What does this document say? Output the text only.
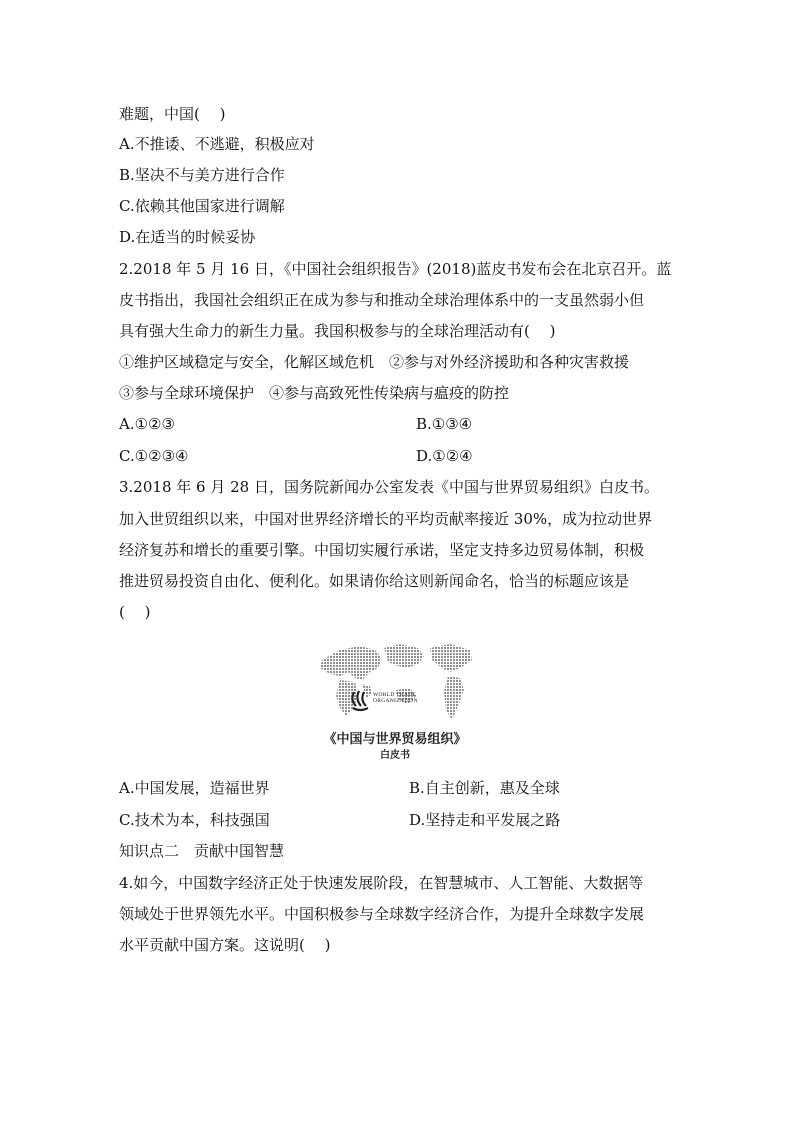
难题，中国(　 )
A.不推诿、不逃避，积极应对
B.坚决不与美方进行合作
C.依赖其他国家进行调解
D.在适当的时候妥协
2.2018 年 5 月 16 日，《中国社会组织报告》(2018)蓝皮书发布会在北京召开。蓝
皮书指出，我国社会组织正在成为参与和推动全球治理体系中的一支虽然弱小但
具有强大生命力的新生力量。我国积极参与的全球治理活动有(　 )
①维护区域稳定与安全，化解区域危机　②参与对外经济援助和各种灾害救援
③参与全球环境保护　④参与高致死性传染病与瘟疫的防控
A.①②③	B.①③④
C.①②③④	D.①②④
3.2018 年 6 月 28 日，国务院新闻办公室发表《中国与世界贸易组织》白皮书。
加入世贸组织以来，中国对世界经济增长的平均贡献率接近 30%，成为拉动世界
经济复苏和增长的重要引擎。中国切实履行承诺，坚定支持多边贸易体制，积极
推进贸易投资自由化、便利化。如果请你给这则新闻命名，恰当的标题应该是
(　 )
WORLD TRADE
ORGANIZATION
《中国与世界贸易组织》
白皮书
A.中国发展，造福世界	B.自主创新，惠及全球
C.技术为本，科技强国	D.坚持走和平发展之路
知识点二　贡献中国智慧
4.如今，中国数字经济正处于快速发展阶段，在智慧城市、人工智能、大数据等
领域处于世界领先水平。中国积极参与全球数字经济合作，为提升全球数字发展
水平贡献中国方案。这说明(　 )
